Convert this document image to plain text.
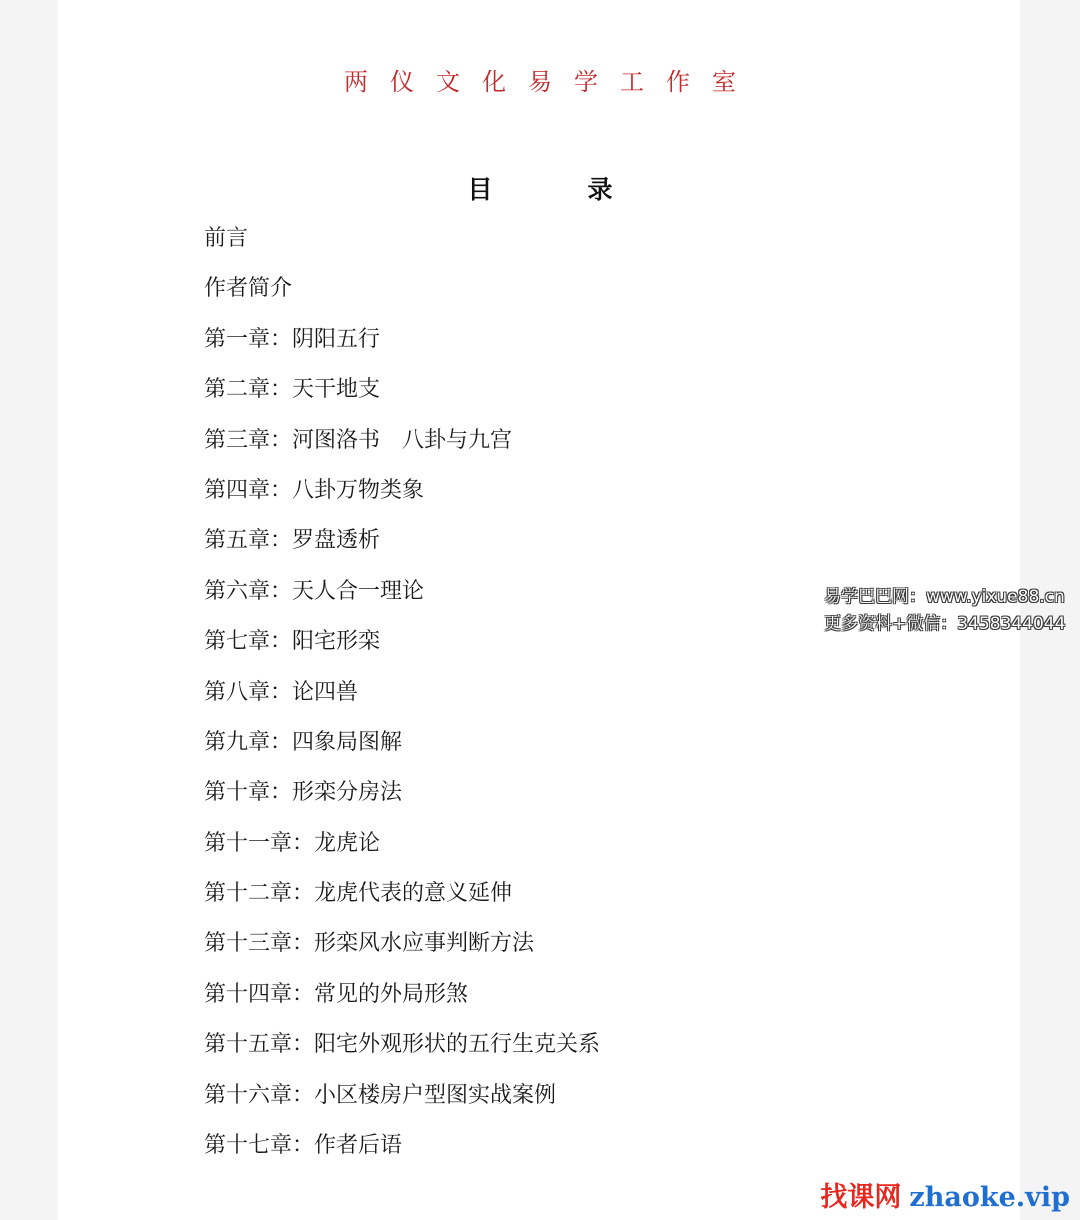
两仪文化易学工作室
目	录
前言
作者简介
第一章：阴阳五行
第二章：天干地支
第三章：河图洛书　八卦与九宫
第四章：八卦万物类象
第五章：罗盘透析
第六章：天人合一理论
第七章：阳宅形栾
第八章：论四兽
第九章：四象局图解
第十章：形栾分房法
第十一章：龙虎论
第十二章：龙虎代表的意义延伸
第十三章：形栾风水应事判断方法
第十四章：常见的外局形煞
第十五章：阳宅外观形状的五行生克关系
第十六章：小区楼房户型图实战案例
第十七章：作者后语
易学巴巴网：www.yixue88.cn
更多资料+微信：3458344044
找课网 zhaoke.vip
